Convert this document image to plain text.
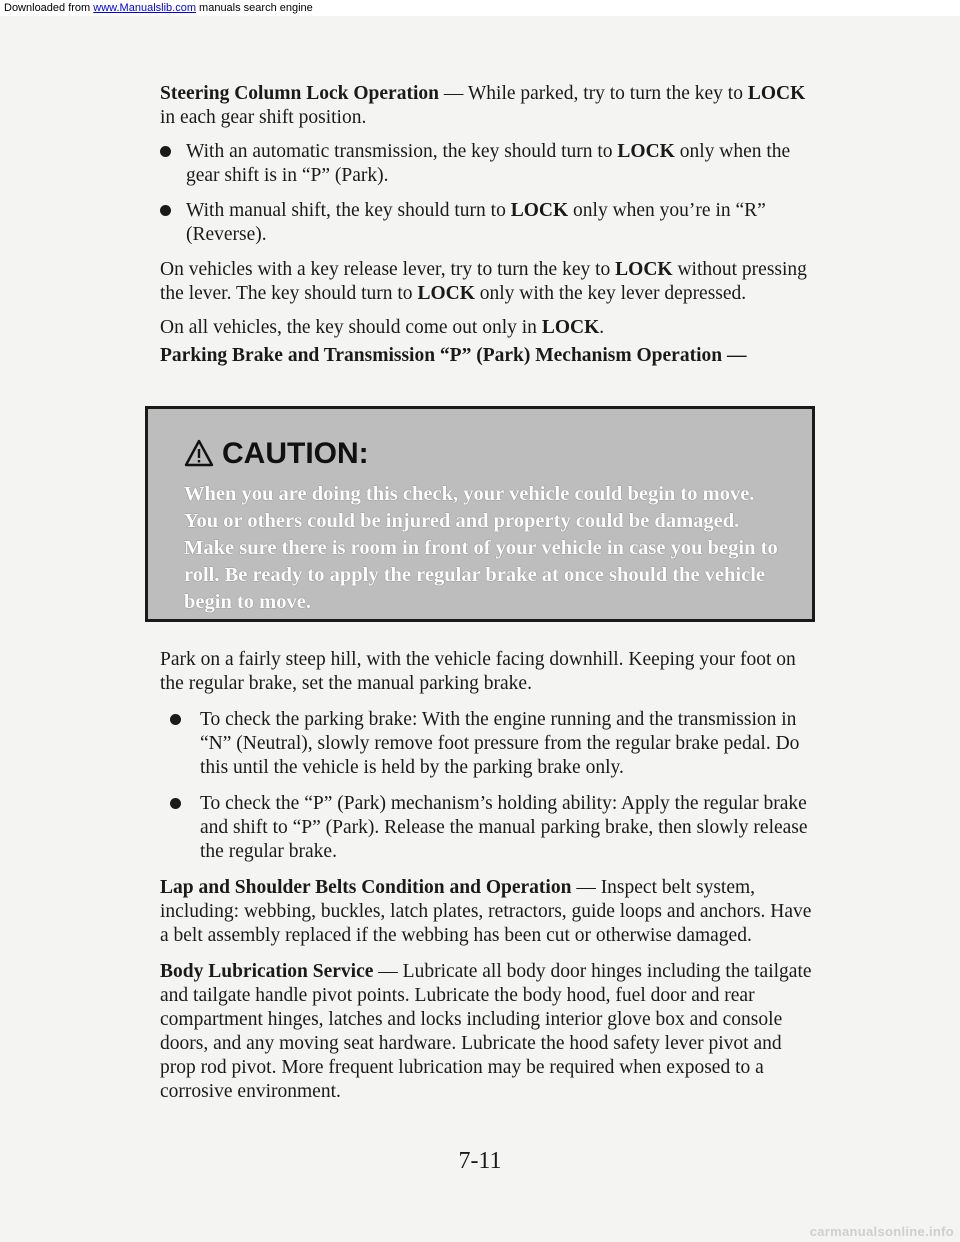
Downloaded from www.Manualslib.com manuals search engine

Steering Column Lock Operation — While parked, try to turn the key to LOCK in each gear shift position.

With an automatic transmission, the key should turn to LOCK only when the gear shift is in “P” (Park).

With manual shift, the key should turn to LOCK only when you’re in “R” (Reverse).

On vehicles with a key release lever, try to turn the key to LOCK without pressing the lever. The key should turn to LOCK only with the key lever depressed.

On all vehicles, the key should come out only in LOCK.

Parking Brake and Transmission “P” (Park) Mechanism Operation —

CAUTION:
When you are doing this check, your vehicle could begin to move. You or others could be injured and property could be damaged. Make sure there is room in front of your vehicle in case you begin to roll. Be ready to apply the regular brake at once should the vehicle begin to move.

Park on a fairly steep hill, with the vehicle facing downhill. Keeping your foot on the regular brake, set the manual parking brake.

To check the parking brake: With the engine running and the transmission in “N” (Neutral), slowly remove foot pressure from the regular brake pedal. Do this until the vehicle is held by the parking brake only.

To check the “P” (Park) mechanism’s holding ability: Apply the regular brake and shift to “P” (Park). Release the manual parking brake, then slowly release the regular brake.

Lap and Shoulder Belts Condition and Operation — Inspect belt system, including: webbing, buckles, latch plates, retractors, guide loops and anchors. Have a belt assembly replaced if the webbing has been cut or otherwise damaged.

Body Lubrication Service — Lubricate all body door hinges including the tailgate and tailgate handle pivot points. Lubricate the body hood, fuel door and rear compartment hinges, latches and locks including interior glove box and console doors, and any moving seat hardware. Lubricate the hood safety lever pivot and prop rod pivot. More frequent lubrication may be required when exposed to a corrosive environment.

7-11
carmanualsonline.info
